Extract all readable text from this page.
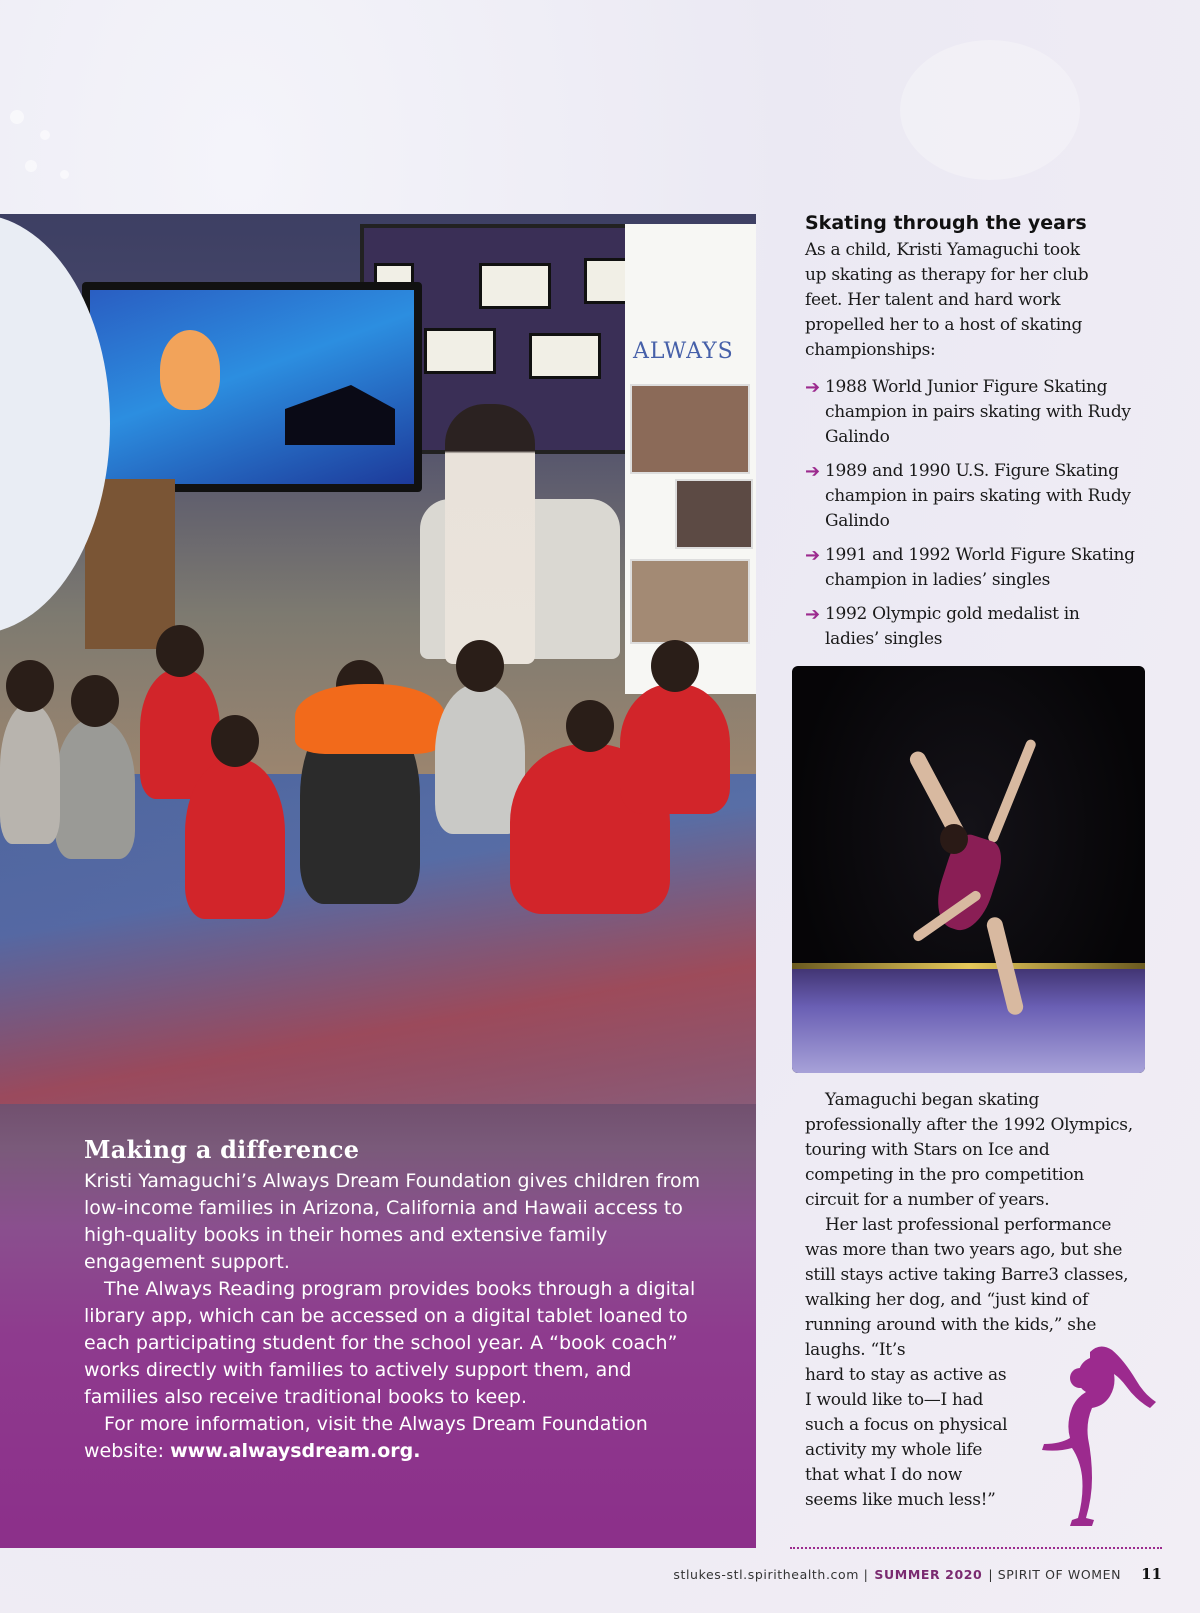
ALWAYS
Making a difference

Kristi Yamaguchi’s Always Dream Foundation gives children from low-income families in Arizona, California and Hawaii access to high-quality books in their homes and extensive family engagement support.

The Always Reading program provides books through a digital library app, which can be accessed on a digital tablet loaned to each participating student for the school year. A “book coach” works directly with families to actively support them, and families also receive traditional books to keep.

For more information, visit the Always Dream Foundation website: www.alwaysdream.org.

Skating through the years

As a child, Kristi Yamaguchi took up skating as therapy for her club feet. Her talent and hard work propelled her to a host of skating championships:

➔ 1988 World Junior Figure Skating champion in pairs skating with Rudy Galindo
➔ 1989 and 1990 U.S. Figure Skating champion in pairs skating with Rudy Galindo
➔ 1991 and 1992 World Figure Skating champion in ladies’ singles
➔ 1992 Olympic gold medalist in ladies’ singles

Yamaguchi began skating professionally after the 1992 Olympics, touring with Stars on Ice and competing in the pro competition circuit for a number of years.

Her last professional performance was more than two years ago, but she still stays active taking Barre3 classes, walking her dog, and “just kind of running around with the kids,” she laughs. “It’s

hard to stay as active as I would like to—I had such a focus on physical activity my whole life that what I do now seems like much less!”
stlukes-stl.spirithealth.com | SUMMER 2020 | SPIRIT OF WOMEN 11
